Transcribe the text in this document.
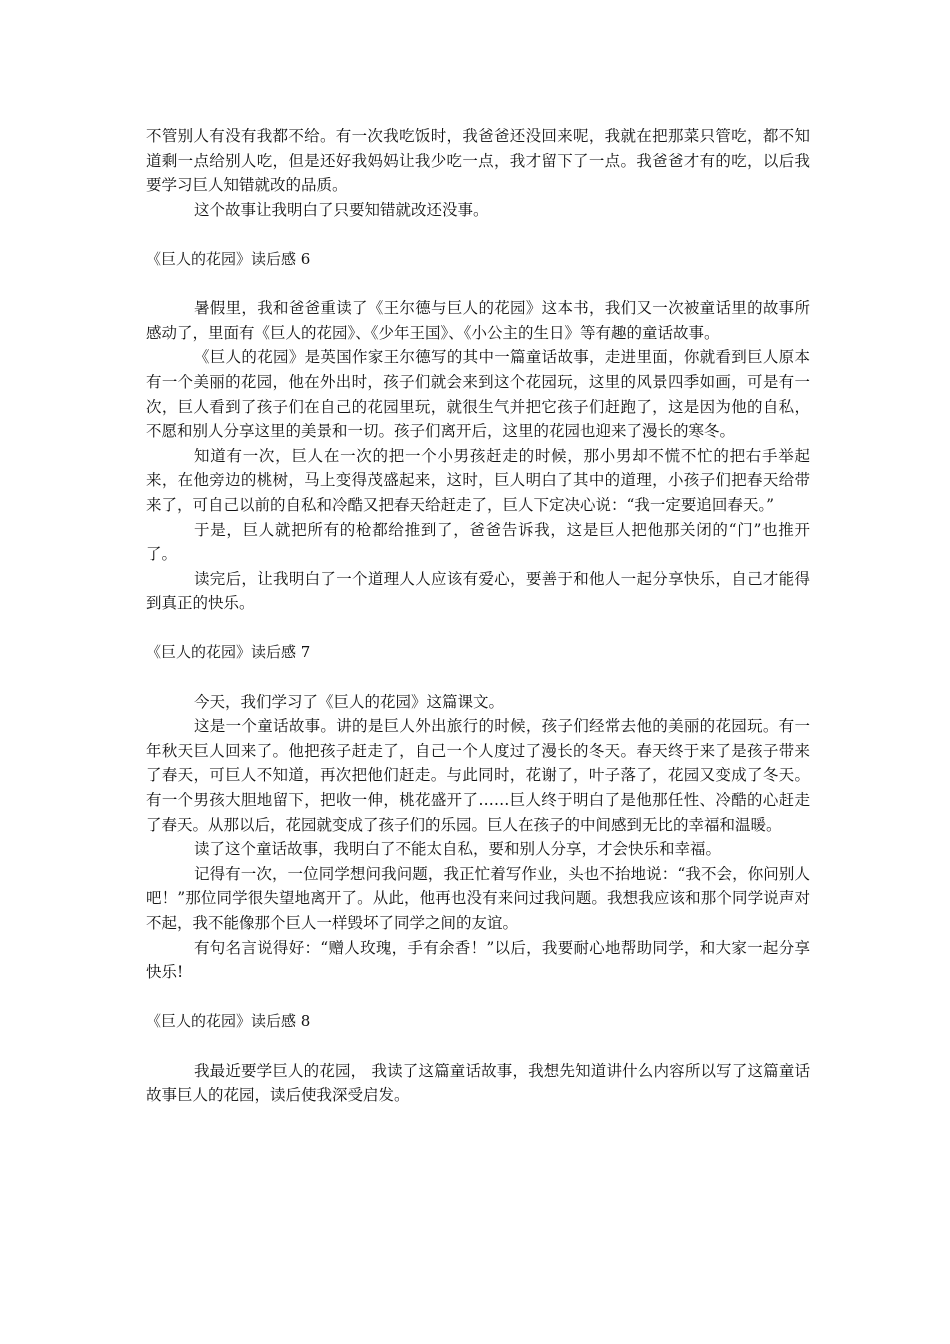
不管别人有没有我都不给。有一次我吃饭时，我爸爸还没回来呢，我就在把那菜只管吃，都不知道剩一点给别人吃，但是还好我妈妈让我少吃一点，我才留下了一点。我爸爸才有的吃，以后我要学习巨人知错就改的品质。

这个故事让我明白了只要知错就改还没事。

《巨人的花园》读后感 6

暑假里，我和爸爸重读了《王尔德与巨人的花园》这本书，我们又一次被童话里的故事所感动了，里面有《巨人的花园》、《少年王国》、《小公主的生日》等有趣的童话故事。

《巨人的花园》是英国作家王尔德写的其中一篇童话故事，走进里面，你就看到巨人原本有一个美丽的花园，他在外出时，孩子们就会来到这个花园玩，这里的风景四季如画，可是有一次，巨人看到了孩子们在自己的花园里玩，就很生气并把它孩子们赶跑了，这是因为他的自私，不愿和别人分享这里的美景和一切。孩子们离开后，这里的花园也迎来了漫长的寒冬。

知道有一次，巨人在一次的把一个小男孩赶走的时候，那小男却不慌不忙的把右手举起来，在他旁边的桃树，马上变得茂盛起来，这时，巨人明白了其中的道理，小孩子们把春天给带来了，可自己以前的自私和冷酷又把春天给赶走了，巨人下定决心说：“我一定要追回春天。”

于是，巨人就把所有的枪都给推到了，爸爸告诉我，这是巨人把他那关闭的“门”也推开了。

读完后，让我明白了一个道理人人应该有爱心，要善于和他人一起分享快乐，自己才能得到真正的快乐。

《巨人的花园》读后感 7

今天，我们学习了《巨人的花园》这篇课文。

这是一个童话故事。讲的是巨人外出旅行的时候，孩子们经常去他的美丽的花园玩。有一年秋天巨人回来了。他把孩子赶走了，自己一个人度过了漫长的冬天。春天终于来了是孩子带来了春天，可巨人不知道，再次把他们赶走。与此同时，花谢了，叶子落了，花园又变成了冬天。有一个男孩大胆地留下，把收一伸，桃花盛开了……巨人终于明白了是他那任性、冷酷的心赶走了春天。从那以后，花园就变成了孩子们的乐园。巨人在孩子的中间感到无比的幸福和温暖。

读了这个童话故事，我明白了不能太自私，要和别人分享，才会快乐和幸福。

记得有一次，一位同学想问我问题，我正忙着写作业，头也不抬地说：“我不会，你问别人吧！”那位同学很失望地离开了。从此，他再也没有来问过我问题。我想我应该和那个同学说声对不起，我不能像那个巨人一样毁坏了同学之间的友谊。

有句名言说得好：“赠人玫瑰，手有余香！”以后，我要耐心地帮助同学，和大家一起分享快乐!

《巨人的花园》读后感 8

我最近要学巨人的花园， 我读了这篇童话故事，我想先知道讲什么内容所以写了这篇童话故事巨人的花园，读后使我深受启发。
